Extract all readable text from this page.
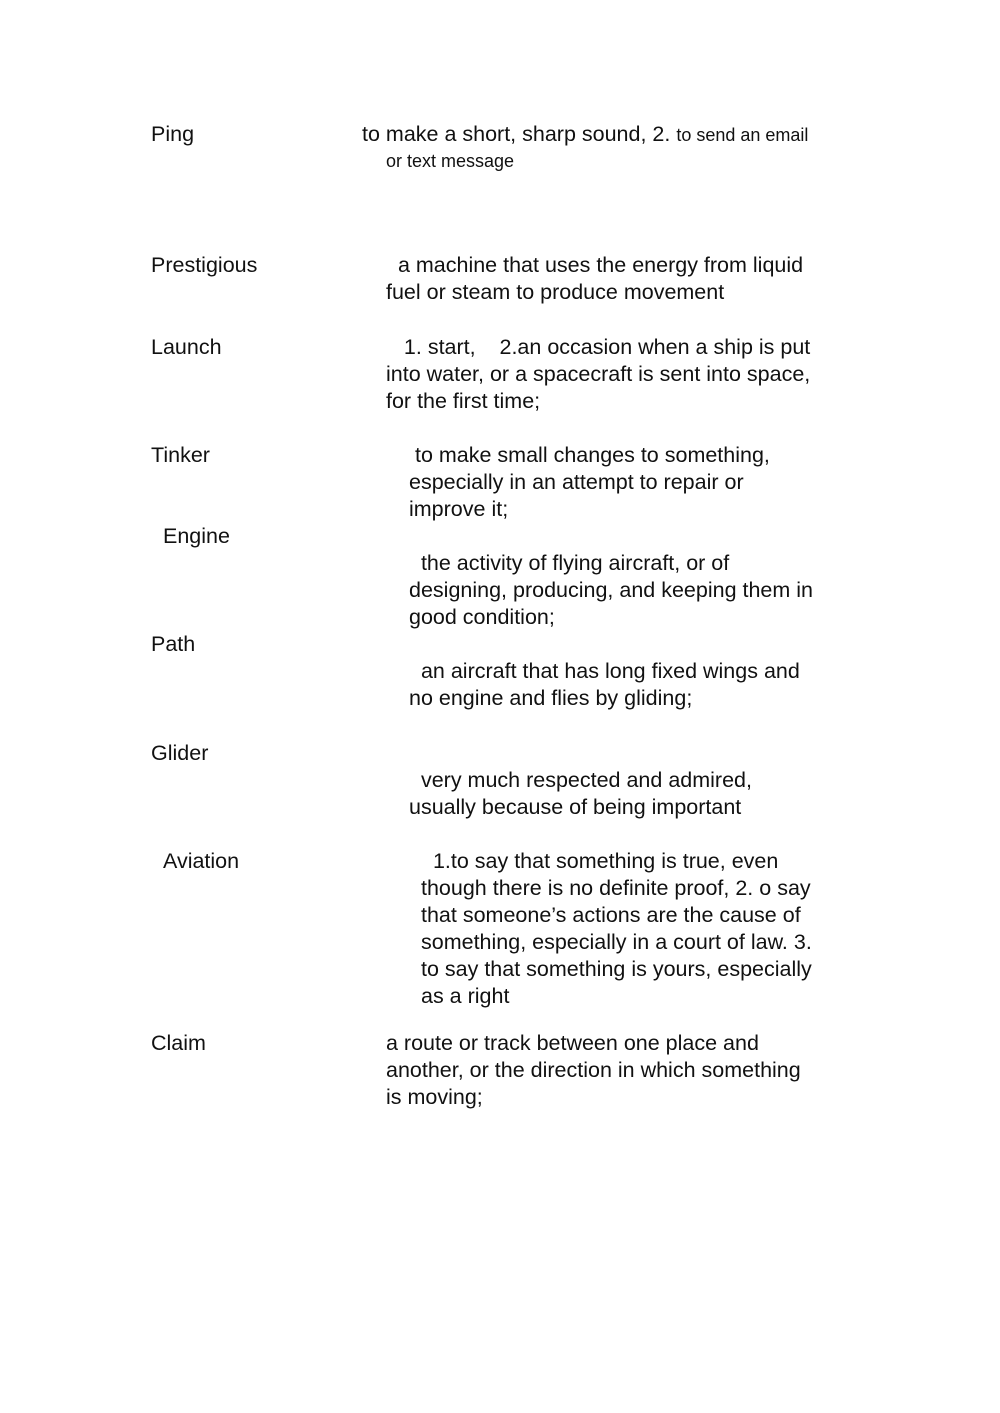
Ping

Prestigious

Launch

Tinker

Engine

Path

Glider

Aviation

Claim

to make a short, sharp sound, 2. to send an email
or text message
a machine that uses the energy from liquid
fuel or steam to produce movement
1. start,    2.an occasion when a ship is put
into water, or a spacecraft is sent into space,
for the first time;
to make small changes to something,
especially in an attempt to repair or
improve it;
the activity of flying aircraft, or of
designing, producing, and keeping them in
good condition;
an aircraft that has long fixed wings and
no engine and flies by gliding;
very much respected and admired,
usually because of being important
1.to say that something is true, even
though there is no definite proof, 2. o say
that someone’s actions are the cause of
something, especially in a court of law. 3.
to say that something is yours, especially
as a right
a route or track between one place and
another, or the direction in which something
is moving;
